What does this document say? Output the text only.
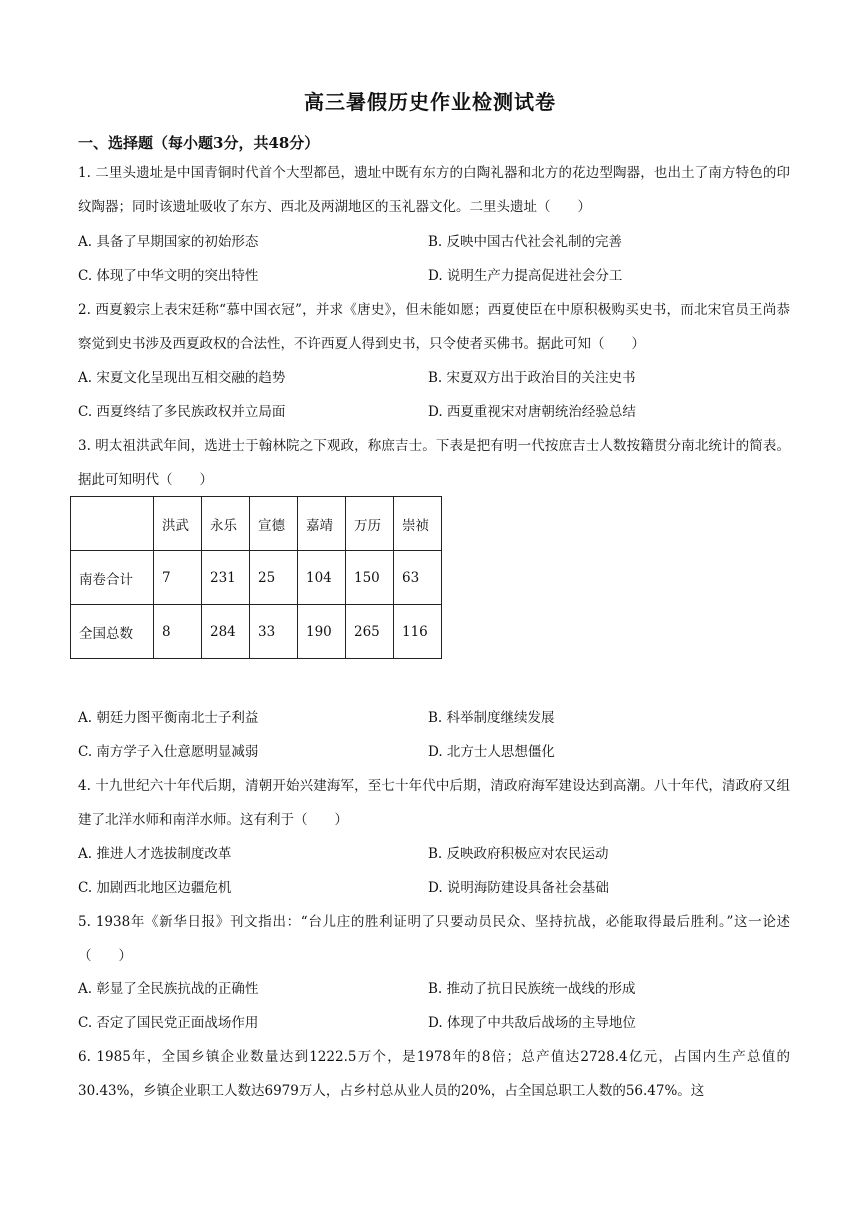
高三暑假历史作业检测试卷
一、选择题（每小题3分，共48分）
1. 二里头遗址是中国青铜时代首个大型都邑，遗址中既有东方的白陶礼器和北方的花边型陶器，也出土了南方特色的印纹陶器；同时该遗址吸收了东方、西北及两湖地区的玉礼器文化。二里头遗址（　　）
A. 具备了早期国家的初始形态	B. 反映中国古代社会礼制的完善
C. 体现了中华文明的突出特性	D. 说明生产力提高促进社会分工
2. 西夏毅宗上表宋廷称“慕中国衣冠”，并求《唐史》，但未能如愿；西夏使臣在中原积极购买史书，而北宋官员王尚恭察觉到史书涉及西夏政权的合法性，不许西夏人得到史书，只令使者买佛书。据此可知（　　）
A. 宋夏文化呈现出互相交融的趋势	B. 宋夏双方出于政治目的关注史书
C. 西夏终结了多民族政权并立局面	D. 西夏重视宋对唐朝统治经验总结
3. 明太祖洪武年间，选进士于翰林院之下观政，称庶吉士。下表是把有明一代按庶吉士人数按籍贯分南北统计的简表。据此可知明代（　　）
	洪武	永乐	宣德	嘉靖	万历	崇祯
南卷合计	7	231	25	104	150	63
全国总数	8	284	33	190	265	116
A. 朝廷力图平衡南北士子利益	B. 科举制度继续发展
C. 南方学子入仕意愿明显减弱	D. 北方士人思想僵化
4. 十九世纪六十年代后期，清朝开始兴建海军，至七十年代中后期，清政府海军建设达到高潮。八十年代，清政府又组建了北洋水师和南洋水师。这有利于（　　）
A. 推进人才选拔制度改革	B. 反映政府积极应对农民运动
C. 加剧西北地区边疆危机	D. 说明海防建设具备社会基础
5. 1938年《新华日报》刊文指出：“台儿庄的胜利证明了只要动员民众、坚持抗战，必能取得最后胜利。”这一论述（　　）
A. 彰显了全民族抗战的正确性	B. 推动了抗日民族统一战线的形成
C. 否定了国民党正面战场作用	D. 体现了中共敌后战场的主导地位
6. 1985年，全国乡镇企业数量达到1222.5万个，是1978年的8倍；总产值达2728.4亿元，占国内生产总值的30.43%，乡镇企业职工人数达6979万人，占乡村总从业人员的20%，占全国总职工人数的56.47%。这
